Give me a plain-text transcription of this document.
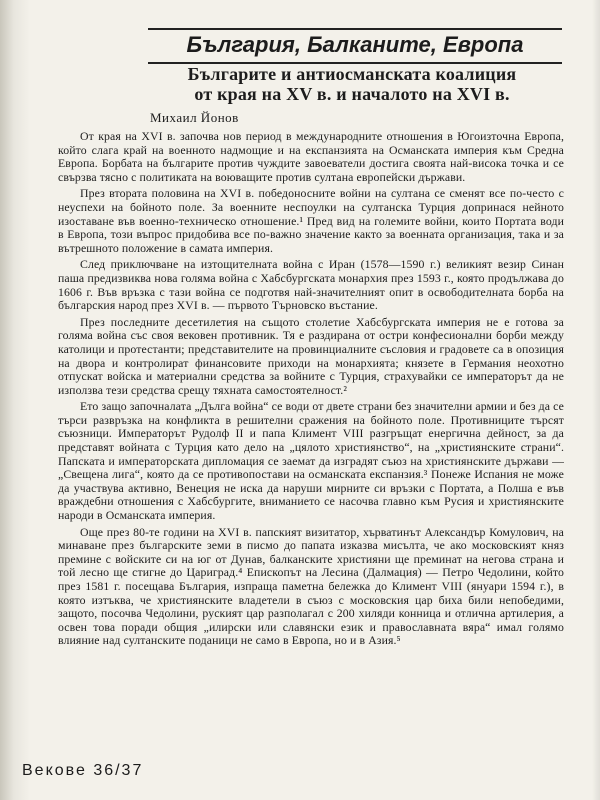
България, Балканите, Европа
Българите и антиосманската коалиция
от края на XV в. и началото на XVI в.
Михаил Йонов

От края на XVI в. започва нов период в международните отношения в Югоизточна Европа, който слага край на военното надмощие и на експанзията на Османската империя към Средна Европа. Борбата на българите против чуждите завоеватели достига своята най-висока точка и се свързва тясно с политиката на воюващите против султана европейски държави.

През втората половина на XVI в. победоносните войни на султана се сменят все по-често с неуспехи на бойното поле. За военните неспоулки на султанска Турция допринася нейното изоставане във военно-техническо отношение.¹ Пред вид на големите войни, които Портата води в Европа, този въпрос придобива все по-важно значение както за военната организация, така и за вътрешното положение в самата империя.

След приключване на изтощителната война с Иран (1578—1590 г.) великият везир Синан паша предизвиква нова голяма война с Хабсбургската монархия през 1593 г., която продължава до 1606 г. Във връзка с тази война се подготвя най-значителният опит в освободителната борба на българския народ през XVI в. — първото Търновско въстание.

През последните десетилетия на същото столетие Хабсбургската империя не е готова за голяма война със своя вековен противник. Тя е раздирана от остри конфесионални борби между католици и протестанти; представителите на провинциалните съсловия и градовете са в опозиция на двора и контролират финансовите приходи на монархията; князете в Германия неохотно отпускат войска и материални средства за войните с Турция, страхувайки се императорът да не използва тези средства срещу тяхната самостоятелност.²

Ето защо започналата „Дълга война“ се води от двете страни без значителни армии и без да се търси развръзка на конфликта в решителни сражения на бойното поле. Противниците търсят съюзници. Императорът Рудолф II и папа Климент VIII разгръщат енергична дейност, за да представят войната с Турция като дело на „цялото християнство“, на „християнските страни“. Папската и императорската дипломация се заемат да изградят съюз на християнските държави — „Свещена лига“, която да се противопостави на османската експанзия.³ Понеже Испания не може да участвува активно, Венеция не иска да наруши мирните си връзки с Портата, а Полша е във враждебни отношения с Хабсбургите, вниманието се насочва главно към Русия и християнските народи в Османската империя.

Още през 80-те години на XVI в. папският визитатор, хърватинът Александър Комулович, на минаване през българските земи в писмо до папата изказва мисълта, че ако московският княз премине с войските си на юг от Дунав, балканските християни ще преминат на негова страна и той лесно ще стигне до Цариград.⁴ Епископът на Лесина (Далмация) — Петро Чедолини, който през 1581 г. посещава България, изпраща паметна бележка до Климент VIII (януари 1594 г.), в която изтъква, че християнските владетели в съюз с московския цар биха били непобедими, защото, посочва Чедолини, руският цар разполагал с 200 хиляди конница и отлична артилерия, а освен това поради общия „илирски или славянски език и православната вяра“ имал голямо влияние над султанските поданици не само в Европа, но и в Азия.⁵

Векове 36/37
